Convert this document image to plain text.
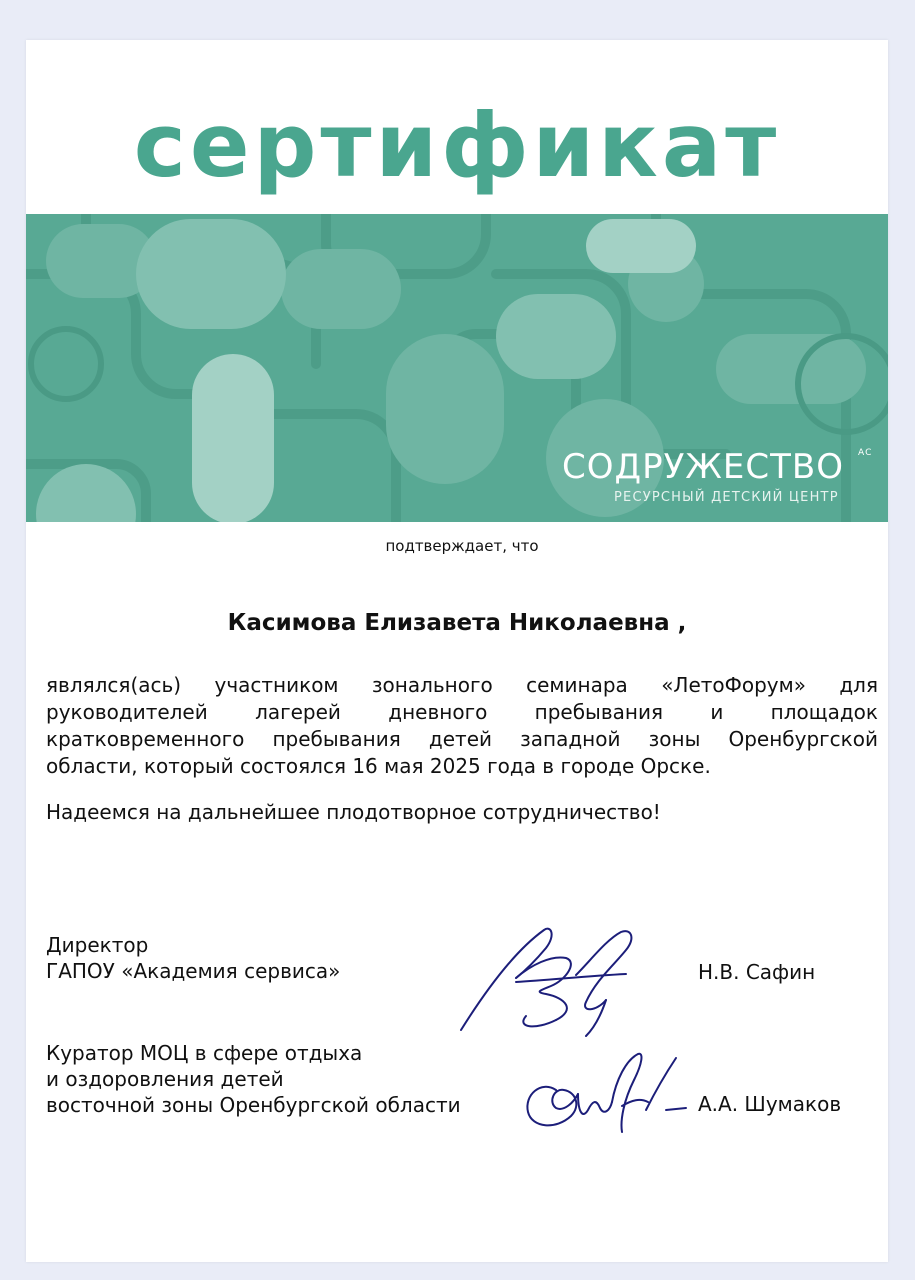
сертификат
СОДРУЖЕСТВО	АС
РЕСУРСНЫЙ ДЕТСКИЙ ЦЕНТР
подтверждает, что
Касимова Елизавета Николаевна ,
являлся(ась) участником зонального семинара «ЛетоФорум» для
руководителей лагерей дневного пребывания и площадок
кратковременного пребывания детей западной зоны Оренбургской
области, который состоялся 16 мая 2025 года в городе Орске.
Надеемся на дальнейшее плодотворное сотрудничество!
Директор
ГАПОУ «Академия сервиса»	Н.В. Сафин
Куратор МОЦ в сфере отдыха
и оздоровления детей
восточной зоны Оренбургской области	А.А. Шумаков
